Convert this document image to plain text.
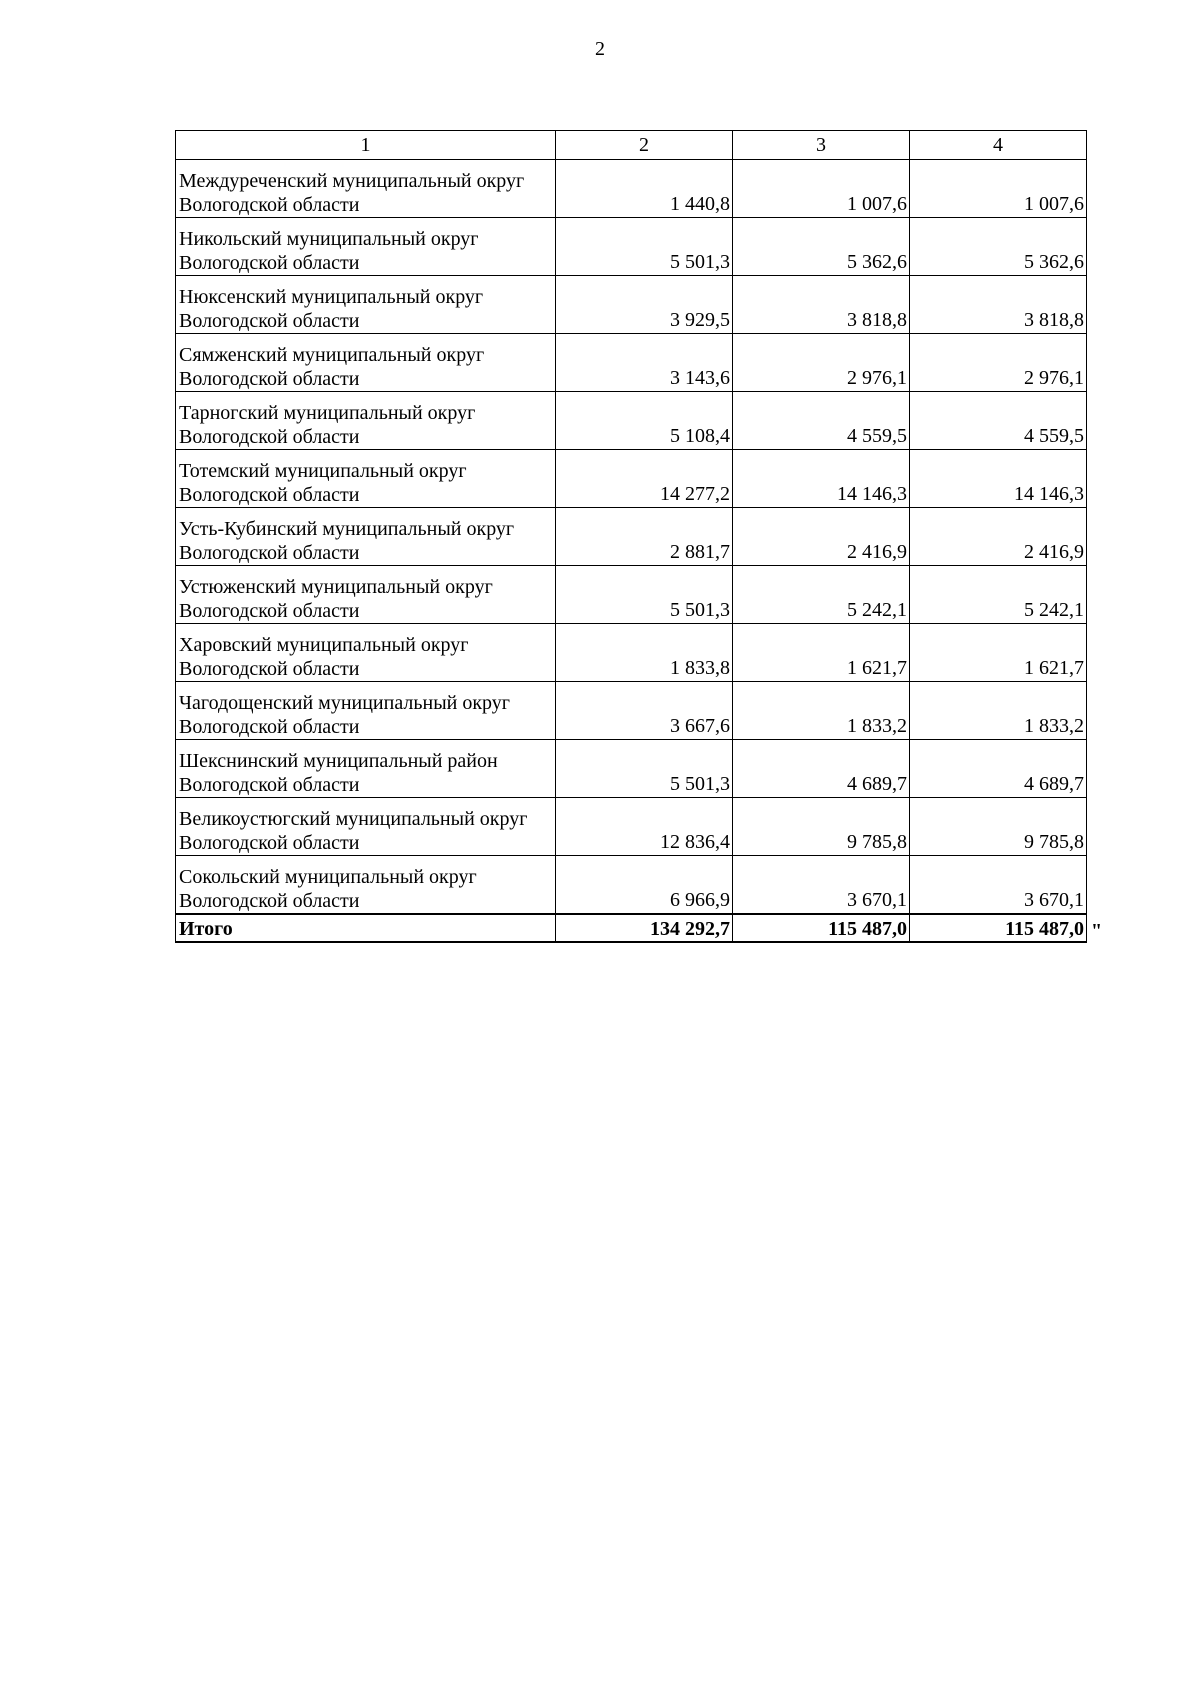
2
1	2	3	4
Междуреченский муниципальный округ Вологодской области	1 440,8	1 007,6	1 007,6
Никольский муниципальный округ Вологодской области	5 501,3	5 362,6	5 362,6
Нюксенский муниципальный округ Вологодской области	3 929,5	3 818,8	3 818,8
Сямженский муниципальный округ Вологодской области	3 143,6	2 976,1	2 976,1
Тарногский муниципальный округ Вологодской области	5 108,4	4 559,5	4 559,5
Тотемский муниципальный округ Вологодской области	14 277,2	14 146,3	14 146,3
Усть-Кубинский муниципальный округ Вологодской области	2 881,7	2 416,9	2 416,9
Устюженский муниципальный округ Вологодской области	5 501,3	5 242,1	5 242,1
Харовский муниципальный округ Вологодской области	1 833,8	1 621,7	1 621,7
Чагодощенский муниципальный округ Вологодской области	3 667,6	1 833,2	1 833,2
Шекснинский муниципальный район Вологодской области	5 501,3	4 689,7	4 689,7
Великоустюгский муниципальный округ Вологодской области	12 836,4	9 785,8	9 785,8
Сокольский муниципальный округ Вологодской области	6 966,9	3 670,1	3 670,1
Итого	134 292,7	115 487,0	115 487,0 "
